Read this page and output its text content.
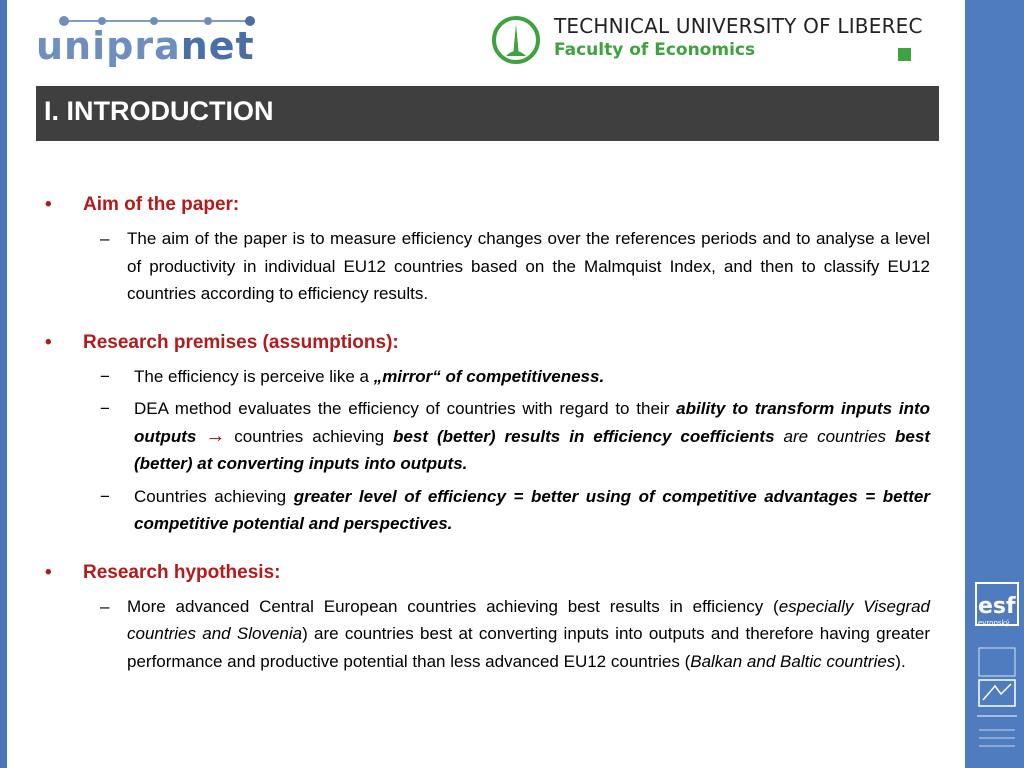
unipranet	TECHNICAL UNIVERSITY OF LIBEREC
Faculty of Economics
I. INTRODUCTION
• Aim of the paper:
– The aim of the paper is to measure efficiency changes over the references periods and to analyse a level of productivity in individual EU12 countries based on the Malmquist Index, and then to classify EU12 countries according to efficiency results.
• Research premises (assumptions):
− The efficiency is perceive like a „mirror“ of competitiveness.
− DEA method evaluates the efficiency of countries with regard to their ability to transform inputs into outputs → countries achieving best (better) results in efficiency coefficients are countries best (better) at converting inputs into outputs.
− Countries achieving greater level of efficiency = better using of competitive advantages = better competitive potential and perspectives.
• Research hypothesis:
– More advanced Central European countries achieving best results in efficiency (especially Visegrad countries and Slovenia) are countries best at converting inputs into outputs and therefore having greater performance and productive potential than less advanced EU12 countries (Balkan and Baltic countries).
esf
evropský
